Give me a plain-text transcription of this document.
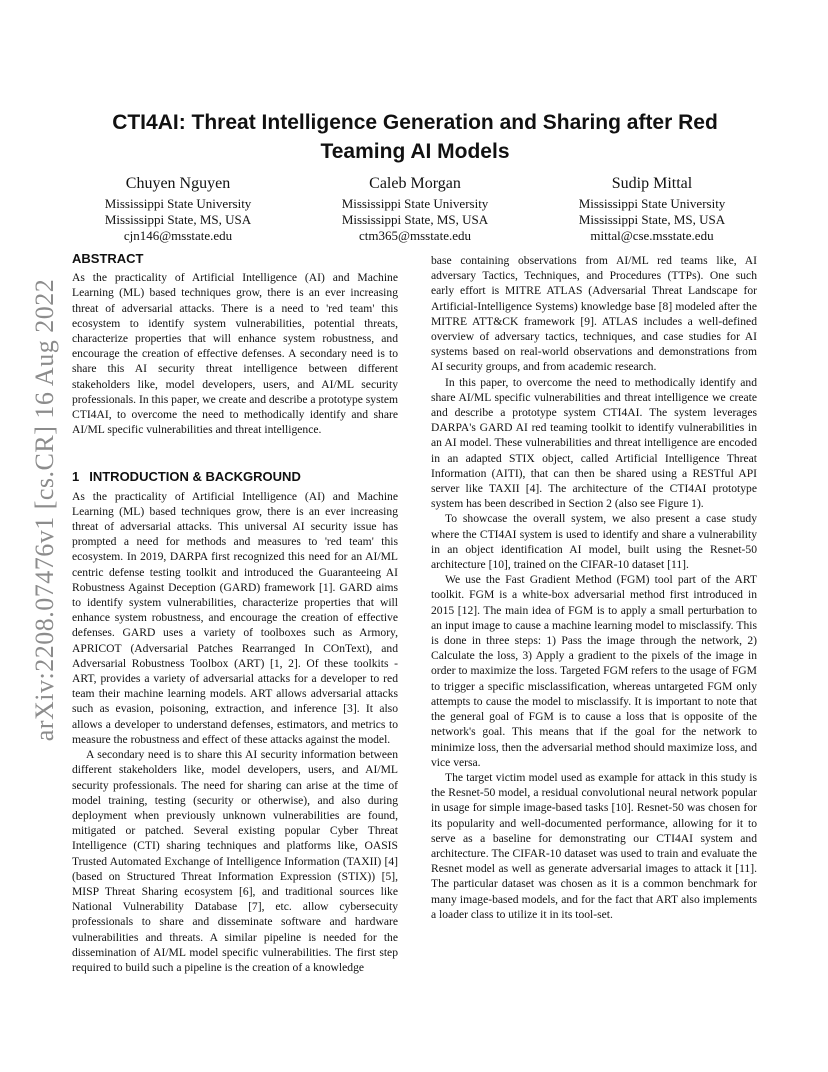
arXiv:2208.07476v1 [cs.CR] 16 Aug 2022
CTI4AI: Threat Intelligence Generation and Sharing after Red Teaming AI Models
Chuyen Nguyen
Mississippi State University
Mississippi State, MS, USA
cjn146@msstate.edu
Caleb Morgan
Mississippi State University
Mississippi State, MS, USA
ctm365@msstate.edu
Sudip Mittal
Mississippi State University
Mississippi State, MS, USA
mittal@cse.msstate.edu
ABSTRACT

As the practicality of Artificial Intelligence (AI) and Machine Learning (ML) based techniques grow, there is an ever increasing threat of adversarial attacks. There is a need to 'red team' this ecosystem to identify system vulnerabilities, potential threats, characterize properties that will enhance system robustness, and encourage the creation of effective defenses. A secondary need is to share this AI security threat intelligence between different stakeholders like, model developers, users, and AI/ML security professionals. In this paper, we create and describe a prototype system CTI4AI, to overcome the need to methodically identify and share AI/ML specific vulnerabilities and threat intelligence.

1 INTRODUCTION & BACKGROUND

As the practicality of Artificial Intelligence (AI) and Machine Learning (ML) based techniques grow, there is an ever increasing threat of adversarial attacks. This universal AI security issue has prompted a need for methods and measures to 'red team' this ecosystem. In 2019, DARPA first recognized this need for an AI/ML centric defense testing toolkit and introduced the Guaranteeing AI Robustness Against Deception (GARD) framework [1]. GARD aims to identify system vulnerabilities, characterize properties that will enhance system robustness, and encourage the creation of effective defenses. GARD uses a variety of toolboxes such as Armory, APRICOT (Adversarial Patches Rearranged In COnText), and Adversarial Robustness Toolbox (ART) [1, 2]. Of these toolkits - ART, provides a variety of adversarial attacks for a developer to red team their machine learning models. ART allows adversarial attacks such as evasion, poisoning, extraction, and inference [3]. It also allows a developer to understand defenses, estimators, and metrics to measure the robustness and effect of these attacks against the model.

A secondary need is to share this AI security information between different stakeholders like, model developers, users, and AI/ML security professionals. The need for sharing can arise at the time of model training, testing (security or otherwise), and also during deployment when previously unknown vulnerabilities are found, mitigated or patched. Several existing popular Cyber Threat Intelligence (CTI) sharing techniques and platforms like, OASIS Trusted Automated Exchange of Intelligence Information (TAXII) [4] (based on Structured Threat Information Expression (STIX)) [5], MISP Threat Sharing ecosystem [6], and traditional sources like National Vulnerability Database [7], etc. allow cybersecuity professionals to share and disseminate software and hardware vulnerabilities and threats. A similar pipeline is needed for the dissemination of AI/ML model specific vulnerabilities. The first step required to build such a pipeline is the creation of a knowledge

base containing observations from AI/ML red teams like, AI adversary Tactics, Techniques, and Procedures (TTPs). One such early effort is MITRE ATLAS (Adversarial Threat Landscape for Artificial-Intelligence Systems) knowledge base [8] modeled after the MITRE ATT&CK framework [9]. ATLAS includes a well-defined overview of adversary tactics, techniques, and case studies for AI systems based on real-world observations and demonstrations from AI security groups, and from academic research.

In this paper, to overcome the need to methodically identify and share AI/ML specific vulnerabilities and threat intelligence we create and describe a prototype system CTI4AI. The system leverages DARPA's GARD AI red teaming toolkit to identify vulnerabilities in an AI model. These vulnerabilities and threat intelligence are encoded in an adapted STIX object, called Artificial Intelligence Threat Information (AITI), that can then be shared using a RESTful API server like TAXII [4]. The architecture of the CTI4AI prototype system has been described in Section 2 (also see Figure 1).

To showcase the overall system, we also present a case study where the CTI4AI system is used to identify and share a vulnerability in an object identification AI model, built using the Resnet-50 architecture [10], trained on the CIFAR-10 dataset [11].

We use the Fast Gradient Method (FGM) tool part of the ART toolkit. FGM is a white-box adversarial method first introduced in 2015 [12]. The main idea of FGM is to apply a small perturbation to an input image to cause a machine learning model to misclassify. This is done in three steps: 1) Pass the image through the network, 2) Calculate the loss, 3) Apply a gradient to the pixels of the image in order to maximize the loss. Targeted FGM refers to the usage of FGM to trigger a specific misclassification, whereas untargeted FGM only attempts to cause the model to misclassify. It is important to note that the general goal of FGM is to cause a loss that is opposite of the network's goal. This means that if the goal for the network to minimize loss, then the adversarial method should maximize loss, and vice versa.

The target victim model used as example for attack in this study is the Resnet-50 model, a residual convolutional neural network popular in usage for simple image-based tasks [10]. Resnet-50 was chosen for its popularity and well-documented performance, allowing for it to serve as a baseline for demonstrating our CTI4AI system and architecture. The CIFAR-10 dataset was used to train and evaluate the Resnet model as well as generate adversarial images to attack it [11]. The particular dataset was chosen as it is a common benchmark for many image-based models, and for the fact that ART also implements a loader class to utilize it in its tool-set.
